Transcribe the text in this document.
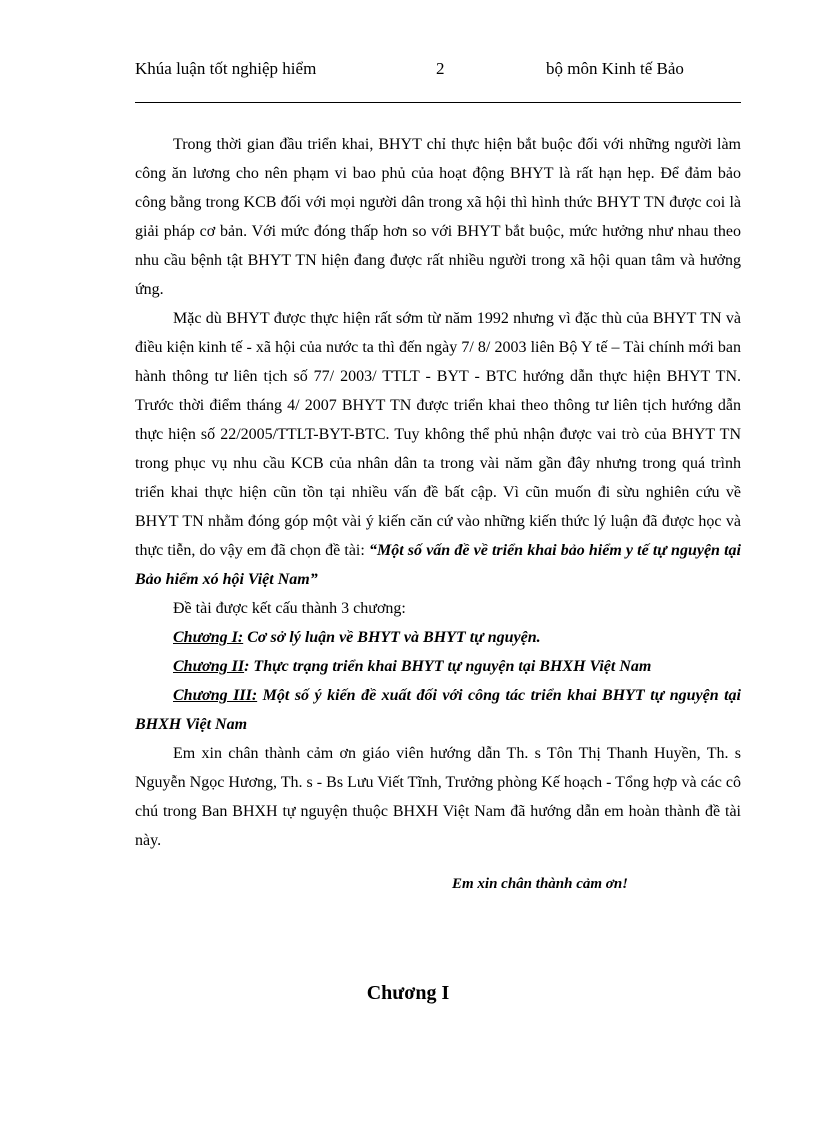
Khúa luận tốt nghiệp hiểm	2	bộ môn Kinh tế Bảo

Trong thời gian đầu triển khai, BHYT chỉ thực hiện bắt buộc đối với những người làm công ăn lương cho nên phạm vi bao phủ của hoạt động BHYT là rất hạn hẹp. Để đảm bảo công bằng trong KCB đối với mọi người dân trong xã hội thì hình thức BHYT TN được coi là giải pháp cơ bản. Với mức đóng thấp hơn so với BHYT bắt buộc, mức hưởng như nhau theo nhu cầu bệnh tật BHYT TN hiện đang được rất nhiều người trong xã hội quan tâm và hưởng ứng.

Mặc dù BHYT được thực hiện rất sớm từ năm 1992 nhưng vì đặc thù của BHYT TN và điều kiện kinh tế - xã hội của nước ta thì đến ngày 7/ 8/ 2003 liên Bộ Y tế – Tài chính mới ban hành thông tư liên tịch số 77/ 2003/ TTLT - BYT - BTC hướng dẫn thực hiện BHYT TN. Trước thời điểm tháng 4/ 2007 BHYT TN được triển khai theo thông tư liên tịch hướng dẫn thực hiện số 22/2005/TTLT-BYT-BTC. Tuy không thể phủ nhận được vai trò của BHYT TN trong phục vụ nhu cầu KCB của nhân dân ta trong vài năm gần đây nhưng trong quá trình triển khai thực hiện cũn tồn tại nhiều vấn đề bất cập. Vì cũn muốn đi sừu nghiên cứu về BHYT TN nhằm đóng góp một vài ý kiến căn cứ vào những kiến thức lý luận đã được học và thực tiễn, do vậy em đã chọn đề tài: “Một số vấn đề về triển khai bảo hiểm y tế tự nguyện tại Bảo hiểm xó hội Việt Nam”

Đề tài được kết cấu thành 3 chương:

Chương I: Cơ sở lý luận về BHYT và BHYT tự nguyện.

Chương II: Thực trạng triển khai BHYT tự nguyện tại BHXH Việt Nam

Chương III: Một số ý kiến đề xuất đối với công tác triển khai BHYT tự nguyện tại BHXH Việt Nam

Em xin chân thành cảm ơn giáo viên hướng dẫn Th. s Tôn Thị Thanh Huyền, Th. s Nguyễn Ngọc Hương, Th. s - Bs Lưu Viết Tĩnh, Trưởng phòng Kế hoạch - Tổng hợp và các cô chú trong Ban BHXH tự nguyện thuộc BHXH Việt Nam đã hướng dẫn em hoàn thành đề tài này.

Em xin chân thành cảm ơn!
Chương I
